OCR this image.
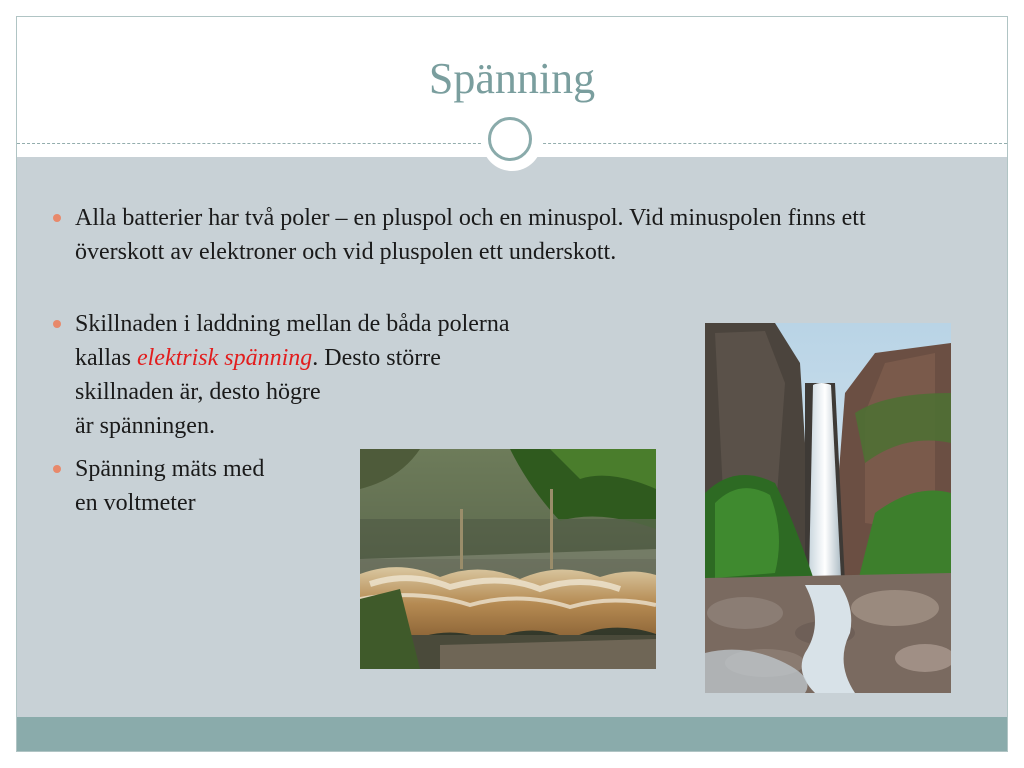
Spänning
Alla batterier har två poler – en pluspol och en minuspol. Vid minuspolen finns ett överskott av elektroner och vid pluspolen ett underskott.
Skillnaden i laddning mellan de båda polerna
kallas elektrisk spänning. Desto större
skillnaden är, desto högre
är spänningen.
Spänning mäts med
en voltmeter
